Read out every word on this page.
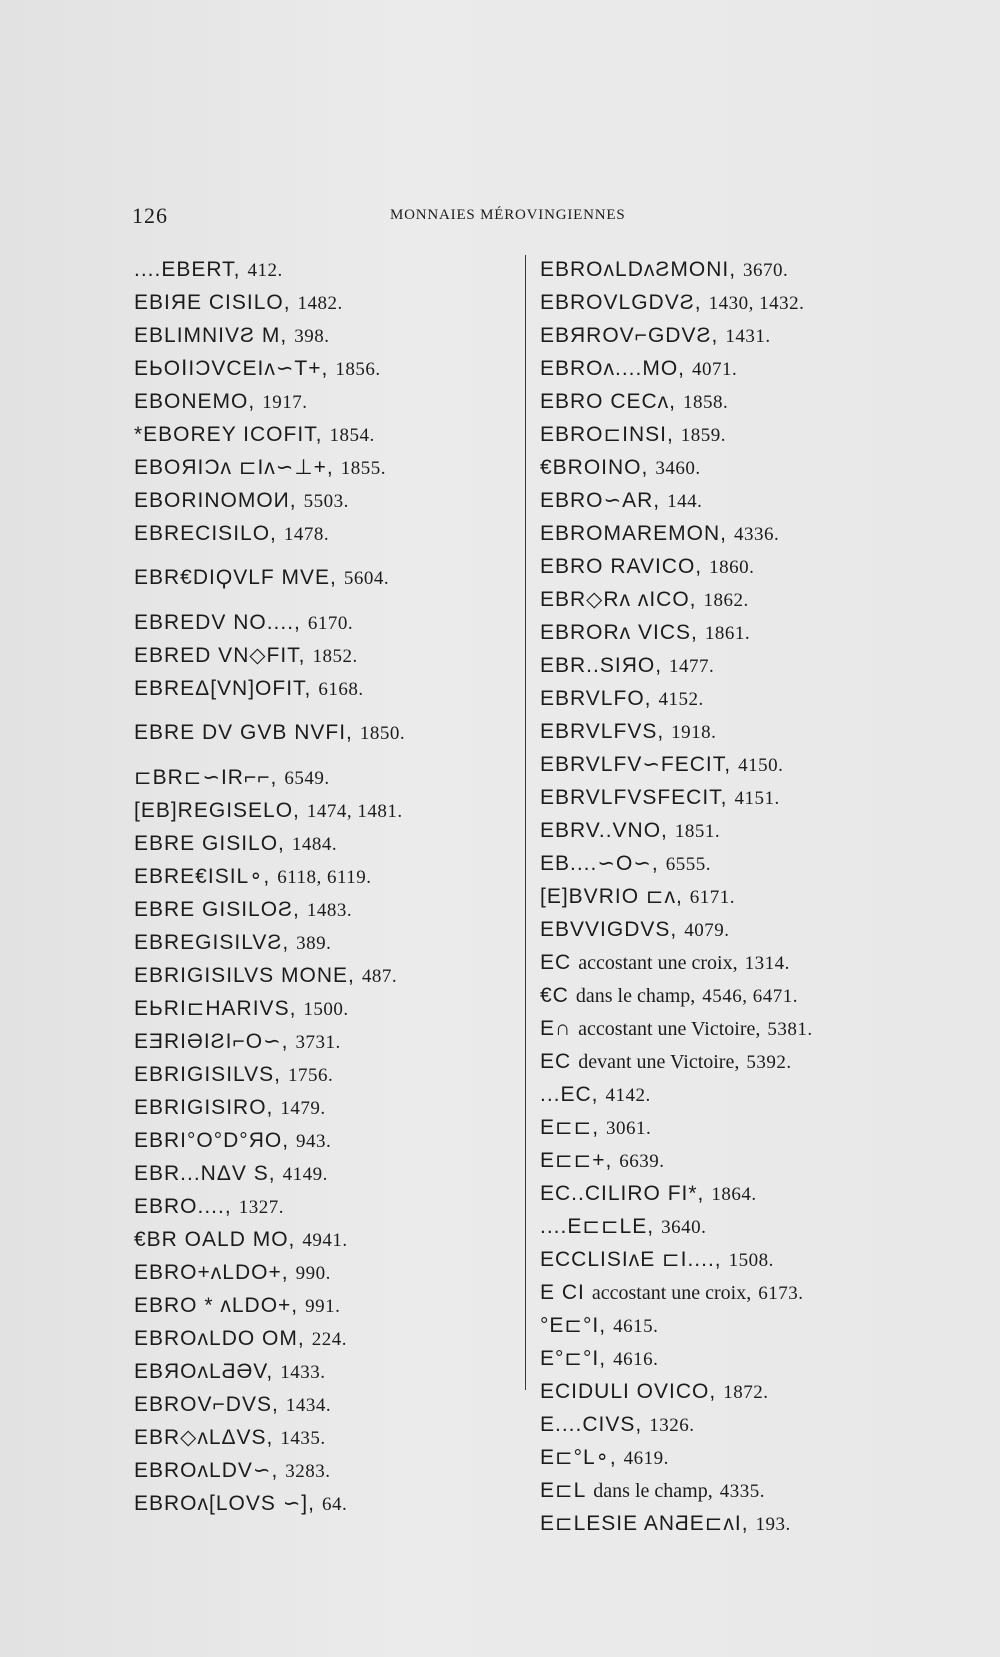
126	MONNAIES MÉROVINGIENNES
....EBERT, 412.
EBIЯE CISILO, 1482.
EBLIMNIVƧ M, 398.
EЬOⅠIƆVCEIʌ∽T+, 1856.
EBONEMO, 1917.
*EBOREY ICOFIT, 1854.
EBOЯIƆʌ ⊏Iʌ∽⊥+, 1855.
EBORINOMOИ, 5503.
EBRECISILO, 1478.
EBR€DIϘVLF MVE, 5604.
EBREDV NO...., 6170.
EBRED VN◇FIT, 1852.
EBREΔ[VN]OFIT, 6168.
EBRE DV GVB NVFI, 1850.
⊏BR⊏∽IR⌐⌐, 6549.
[EB]REGISELO, 1474, 1481.
EBRE GISILO, 1484.
EBRE€ISIL∘, 6118, 6119.
EBRE GISILOƧ, 1483.
EBREGISILVƧ, 389.
EBRIGISILVS MONE, 487.
EЬRI⊏HARIVS, 1500.
EƎRIƏIƧI⌐O∽, 3731.
EBRIGISILVS, 1756.
EBRIGISIRO, 1479.
EBRI°O°D°ЯO, 943.
EBR...NΔV S, 4149.
EBRO...., 1327.
€BR OALD MO, 4941.
EBRO+ʌLDO+, 990.
EBRO * ʌLDO+, 991.
EBROʌLDO OM, 224.
EBЯOʌLƋƏV, 1433.
EBROV⌐DVS, 1434.
EBR◇ʌLΔVS, 1435.
EBROʌLDV∽, 3283.
EBROʌ[LOVS ∽], 64.
EBROʌLDʌƧMONI, 3670.
EBROVLGDVƧ, 1430, 1432.
EBЯROV⌐GDVƧ, 1431.
EBROʌ....MO, 4071.
EBRO CECʌ, 1858.
EBRO⊏INSI, 1859.
€BROINO, 3460.
EBRO∽AR, 144.
EBROMAREMON, 4336.
EBRO RAVICO, 1860.
EBR◇Rʌ ʌICO, 1862.
EBRORʌ VICS, 1861.
EBR..SIЯO, 1477.
EBRVLFO, 4152.
EBRVLFVS, 1918.
EBRVLFV∽FECIT, 4150.
EBRVLFVSFECIT, 4151.
EBRV..VNO, 1851.
EB....∽O∽, 6555.
[E]BVRIO ⊏ʌ, 6171.
EBVVIGDVS, 4079.
EC accostant une croix, 1314.
€C dans le champ, 4546, 6471.
E∩ accostant une Victoire, 5381.
EC devant une Victoire, 5392.
...EC, 4142.
E⊏⊏, 3061.
E⊏⊏+, 6639.
EC..CILIRO FI*, 1864.
....E⊏⊏LE, 3640.
ECCLISIʌE ⊏I...., 1508.
E CI accostant une croix, 6173.
°E⊏°I, 4615.
E°⊏°I, 4616.
ECIDULI OVICO, 1872.
E....CIVS, 1326.
E⊏°L∘, 4619.
E⊏L dans le champ, 4335.
E⊏LESIE ANƋE⊏ʌI, 193.
